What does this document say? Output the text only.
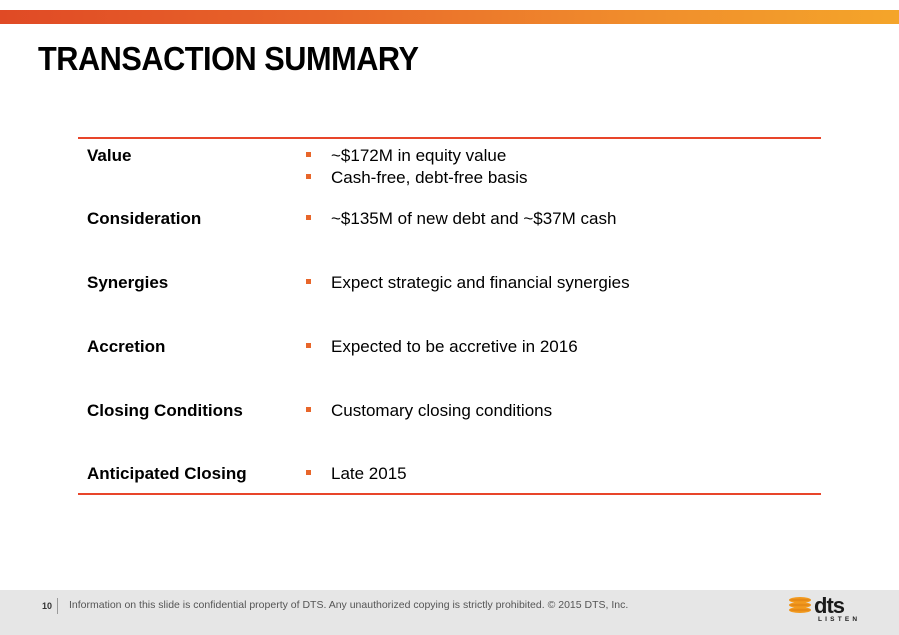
TRANSACTION SUMMARY
Value	~$172M in equity value
Cash-free, debt-free basis
Consideration	~$135M of new debt and ~$37M cash
Synergies	Expect strategic and financial synergies
Accretion	Expected to be accretive in 2016
Closing Conditions	Customary closing conditions
Anticipated Closing	Late 2015
10 Information on this slide is confidential property of DTS. Any unauthorized copying is strictly prohibited. © 2015 DTS, Inc.	dts
LISTEN
